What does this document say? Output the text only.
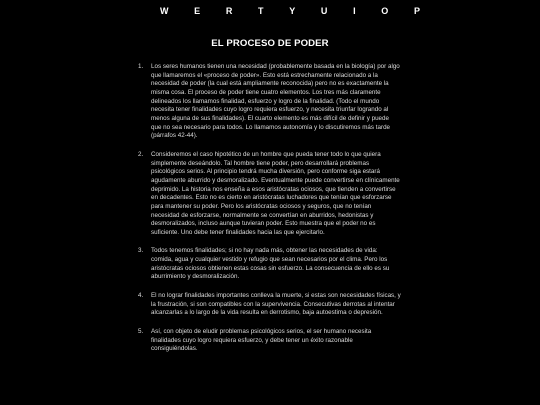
W	E	R	T	Y	U	I	O	P
EL PROCESO DE PODER
1. Los seres humanos tienen una necesidad (probablemente basada en la biología) por algo que llamaremos el «proceso de poder». Esto está estrechamente relacionado a la necesidad de poder (la cual está ampliamente reconocida) pero no es exactamente la misma cosa. El proceso de poder tiene cuatro elementos. Los tres más claramente delineados los llamamos finalidad, esfuerzo y logro de la finalidad. (Todo el mundo necesita tener finalidades cuyo logro requiera esfuerzo, y necesita triunfar logrando al menos alguna de sus finalidades). El cuarto elemento es más difícil de definir y puede que no sea necesario para todos. Lo llamamos autonomía y lo discutiremos más tarde (párrafos 42-44).
2. Consideremos el caso hipotético de un hombre que pueda tener todo lo que quiera simplemente deseándolo. Tal hombre tiene poder, pero desarrollará problemas psicológicos serios. Al principio tendrá mucha diversión, pero conforme siga estará agudamente aburrido y desmoralizado. Eventualmente puede convertirse en clínicamente deprimido. La historia nos enseña a esos aristócratas ociosos, que tienden a convertirse en decadentes. Esto no es cierto en aristócratas luchadores que tenían que esforzarse para mantener su poder. Pero los aristócratas ociosos y seguros, que no tenían necesidad de esforzarse, normalmente se convertían en aburridos, hedonistas y desmoralizados, incluso aunque tuvieran poder. Esto muestra que el poder no es suficiente. Uno debe tener finalidades hacia las que ejercitarlo.
3. Todos tenemos finalidades; si no hay nada más, obtener las necesidades de vida: comida, agua y cualquier vestido y refugio que sean necesarios por el clima. Pero los aristócratas ociosos obtienen estas cosas sin esfuerzo. La consecuencia de ello es su aburrimiento y desmoralización.
4. El no lograr finalidades importantes conlleva la muerte, si estas son necesidades físicas, y la frustración, si son compatibles con la supervivencia. Consecutivas derrotas al intentar alcanzarlas a lo largo de la vida resulta en derrotismo, baja autoestima o depresión.
5. Así, con objeto de eludir problemas psicológicos serios, el ser humano necesita finalidades cuyo logro requiera esfuerzo, y debe tener un éxito razonable consiguiéndolas.
